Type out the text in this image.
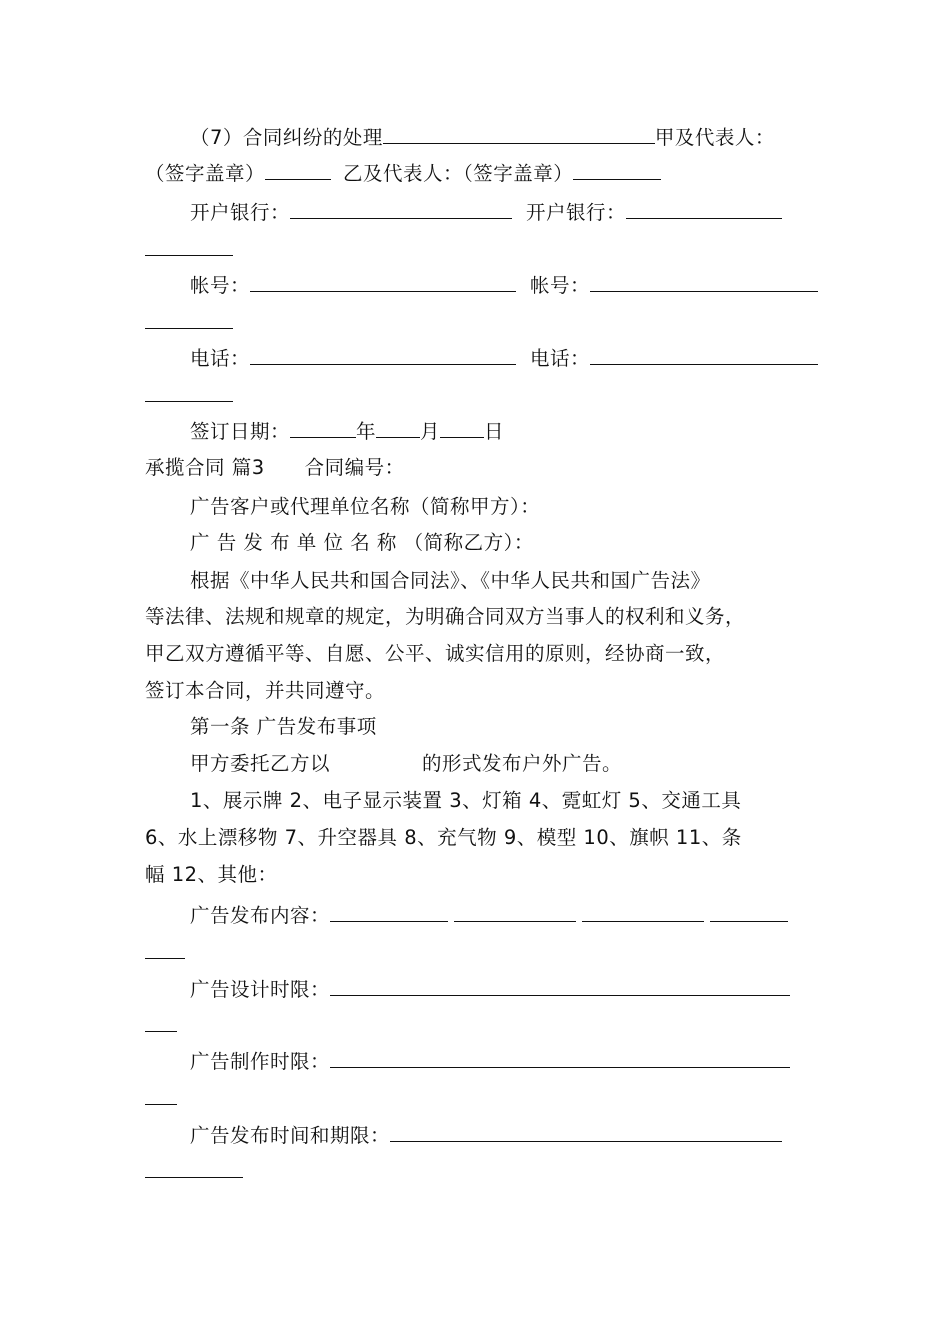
（7）合同纠纷的处理	甲及代表人：
（签字盖章）	乙及代表人：（签字盖章）
开户银行：	开户银行：
帐号：	帐号：
电话：	电话：
签订日期：	年 月 日
承揽合同 篇3 合同编号：
广告客户或代理单位名称（简称甲方）：
广 告 发 布 单 位 名 称 （简称乙方）：
根据《中华人民共和国合同法》、《中华人民共和国广告法》
等法律、法规和规章的规定，为明确合同双方当事人的权利和义务，
甲乙双方遵循平等、自愿、公平、诚实信用的原则，经协商一致，
签订本合同，并共同遵守。
第一条 广告发布事项
甲方委托乙方以	的形式发布户外广告。
1、展示牌 2、电子显示装置 3、灯箱 4、霓虹灯 5、交通工具
6、水上漂移物 7、升空器具 8、充气物 9、模型 10、旗帜 11、条
幅 12、其他：
广告发布内容：
广告设计时限：
广告制作时限：
广告发布时间和期限：
